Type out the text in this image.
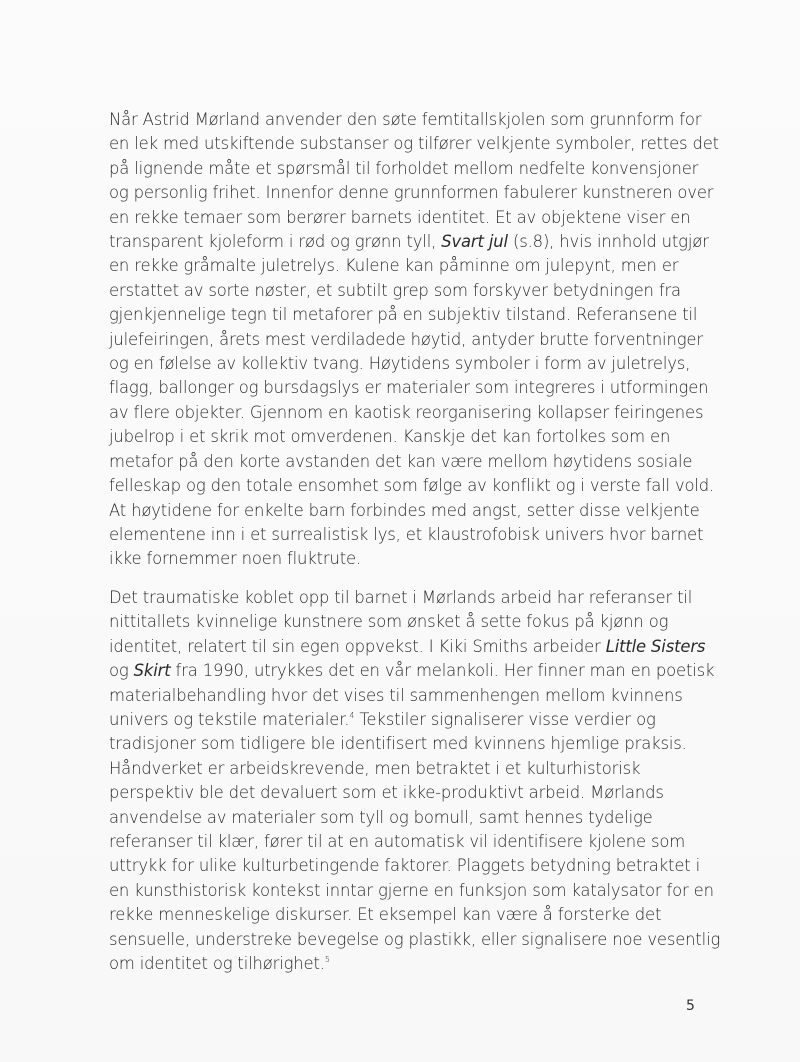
Når Astrid Mørland anvender den søte femtitallskjolen som grunnform for
en lek med utskiftende substanser og tilfører velkjente symboler, rettes det
på lignende måte et spørsmål til forholdet mellom nedfelte konvensjoner
og personlig frihet. Innenfor denne grunnformen fabulerer kunstneren over
en rekke temaer som berører barnets identitet. Et av objektene viser en
transparent kjoleform i rød og grønn tyll, Svart jul (s.8), hvis innhold utgjør
en rekke gråmalte juletrelys. Kulene kan påminne om julepynt, men er
erstattet av sorte nøster, et subtilt grep som forskyver betydningen fra
gjenkjennelige tegn til metaforer på en subjektiv tilstand. Referansene til
julefeiringen, årets mest verdiladede høytid, antyder brutte forventninger
og en følelse av kollektiv tvang. Høytidens symboler i form av juletrelys,
flagg, ballonger og bursdagslys er materialer som integreres i utformingen
av flere objekter. Gjennom en kaotisk reorganisering kollapser feiringenes
jubelrop i et skrik mot omverdenen. Kanskje det kan fortolkes som en
metafor på den korte avstanden det kan være mellom høytidens sosiale
felleskap og den totale ensomhet som følge av konflikt og i verste fall vold.
At høytidene for enkelte barn forbindes med angst, setter disse velkjente
elementene inn i et surrealistisk lys, et klaustrofobisk univers hvor barnet
ikke fornemmer noen fluktrute.
Det traumatiske koblet opp til barnet i Mørlands arbeid har referanser til
nittitallets kvinnelige kunstnere som ønsket å sette fokus på kjønn og
identitet, relatert til sin egen oppvekst. I Kiki Smiths arbeider Little Sisters
og Skirt fra 1990, utrykkes det en vår melankoli. Her finner man en poetisk
materialbehandling hvor det vises til sammenhengen mellom kvinnens
univers og tekstile materialer.$^4$ Tekstiler signaliserer visse verdier og
tradisjoner som tidligere ble identifisert med kvinnens hjemlige praksis.
Håndverket er arbeidskrevende, men betraktet i et kulturhistorisk
perspektiv ble det devaluert som et ikke-produktivt arbeid. Mørlands
anvendelse av materialer som tyll og bomull, samt hennes tydelige
referanser til klær, fører til at en automatisk vil identifisere kjolene som
uttrykk for ulike kulturbetingende faktorer. Plaggets betydning betraktet i
en kunsthistorisk kontekst inntar gjerne en funksjon som katalysator for en
rekke menneskelige diskurser. Et eksempel kan være å forsterke det
sensuelle, understreke bevegelse og plastikk, eller signalisere noe vesentlig
om identitet og tilhørighet.$^5$
5
